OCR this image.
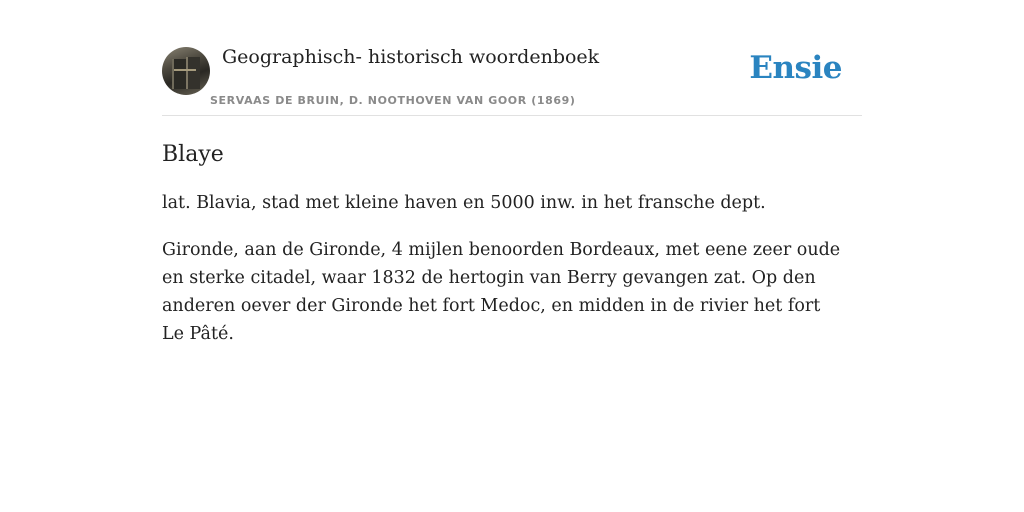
Geographisch- historisch woordenboek
SERVAAS DE BRUIN, D. NOOTHOVEN VAN GOOR (1869)
Ensie
Blaye

lat. Blavia, stad met kleine haven en 5000 inw. in het fransche dept.

Gironde, aan de Gironde, 4 mijlen benoorden Bordeaux, met eene zeer oude en sterke citadel, waar 1832 de hertogin van Berry gevangen zat. Op den anderen oever der Gironde het fort Medoc, en midden in de rivier het fort Le Pâté.
